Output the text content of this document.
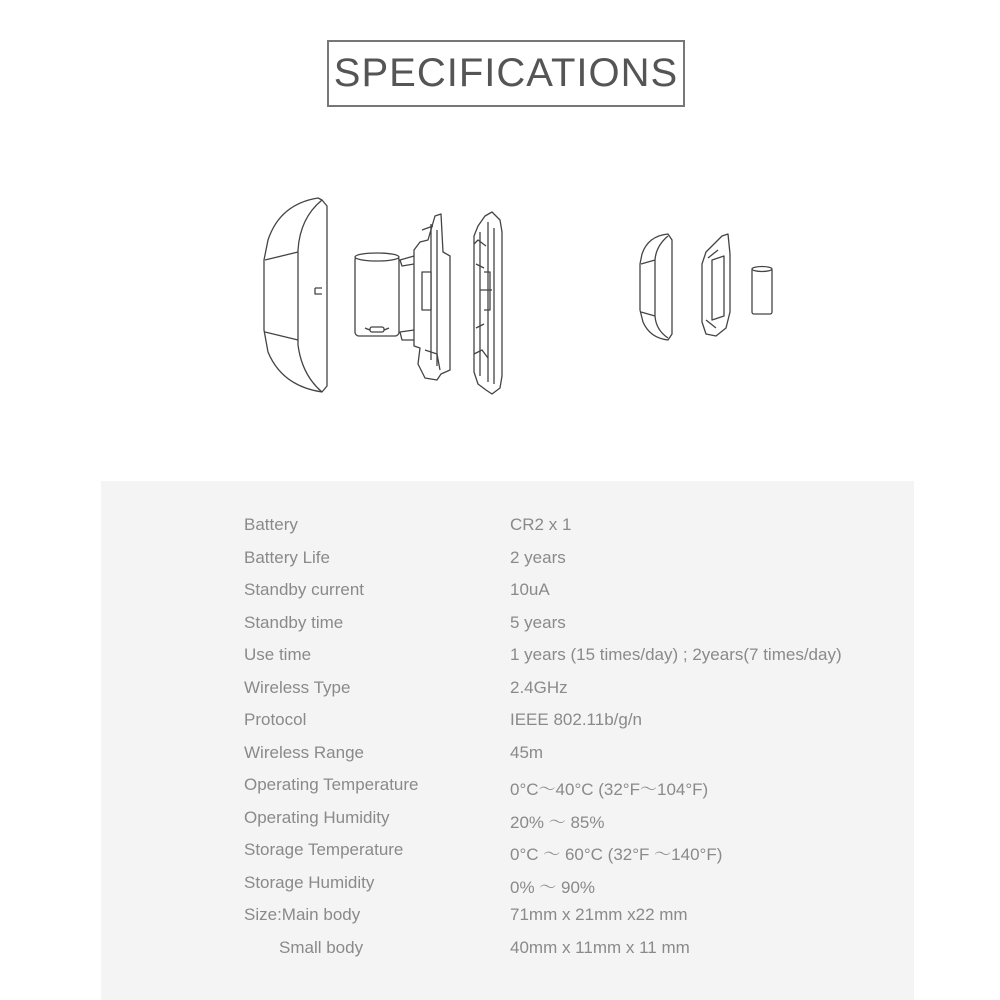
SPECIFICATIONS
Battery	CR2 x 1
Battery Life	2 years
Standby current	10uA
Standby time	5 years
Use time	1 years (15 times/day) ; 2years(7 times/day)
Wireless Type	2.4GHz
Protocol	IEEE 802.11b/g/n
Wireless Range	45m
Operating Temperature	0°C～40°C (32°F～104°F)
Operating Humidity	20% ～ 85%
Storage Temperature	0°C ～ 60°C (32°F ～140°F)
Storage Humidity	0% ～ 90%
Size:Main body	71mm x 21mm x22 mm
Small body	40mm x 11mm x 11 mm
